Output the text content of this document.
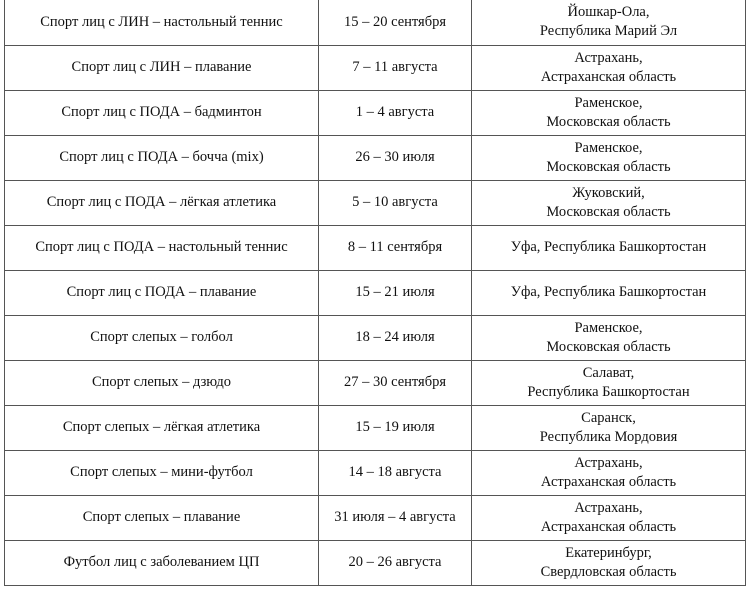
Спорт лиц с ЛИН – настольный теннис	15 – 20 сентября	Йошкар-Ола,
Республика Марий Эл

Спорт лиц с ЛИН – плавание	7 – 11 августа	Астрахань,
Астраханская область

Спорт лиц с ПОДА – бадминтон	1 – 4 августа	Раменское,
Московская область

Спорт лиц с ПОДА – бочча (mix)	26 – 30 июля	Раменское,
Московская область

Спорт лиц с ПОДА – лёгкая атлетика	5 – 10 августа	Жуковский,
Московская область

Спорт лиц с ПОДА – настольный теннис	8 – 11 сентября	Уфа, Республика Башкортостан

Спорт лиц с ПОДА – плавание	15 – 21 июля	Уфа, Республика Башкортостан

Спорт слепых – голбол	18 – 24 июля	Раменское,
Московская область

Спорт слепых – дзюдо	27 – 30 сентября	Салават,
Республика Башкортостан

Спорт слепых – лёгкая атлетика	15 – 19 июля	Саранск,
Республика Мордовия

Спорт слепых – мини-футбол	14 – 18 августа	Астрахань,
Астраханская область

Спорт слепых – плавание	31 июля – 4 августа	Астрахань,
Астраханская область

Футбол лиц с заболеванием ЦП	20 – 26 августа	Екатеринбург,
Свердловская область
